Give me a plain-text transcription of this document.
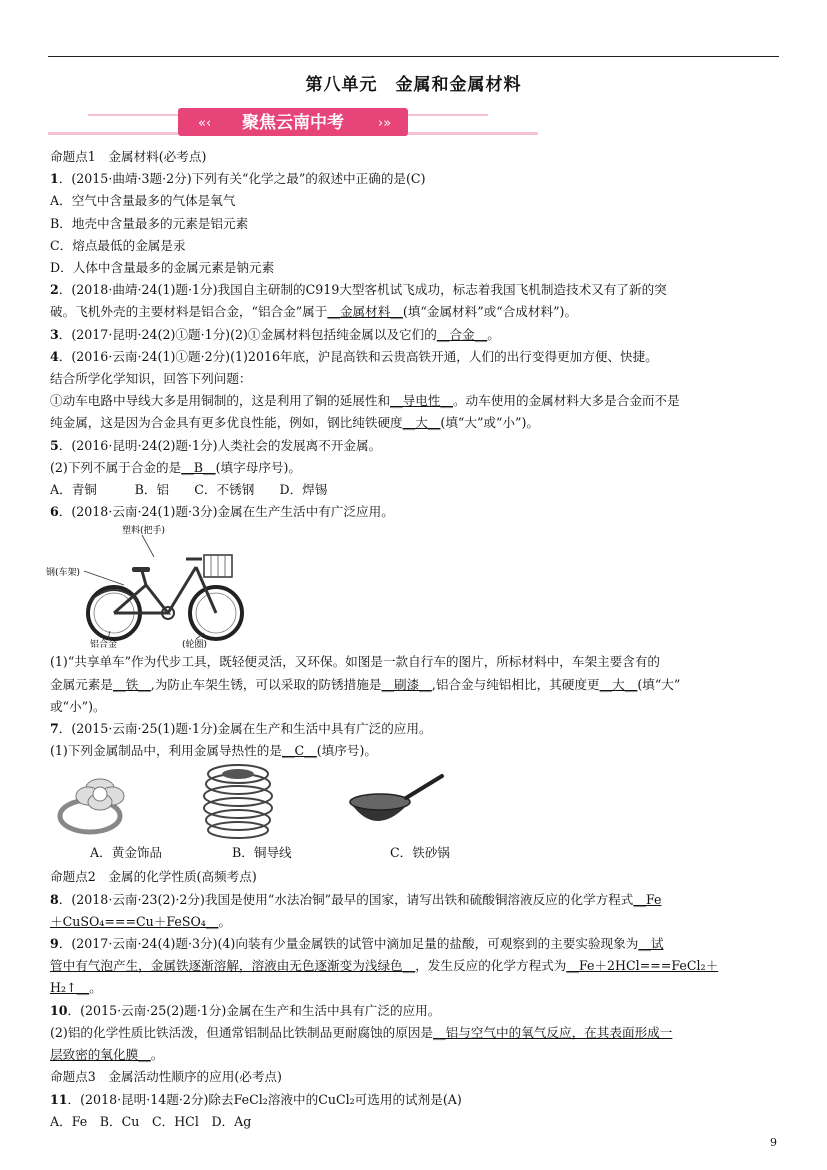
第八单元　金属和金属材料
«‹	›»
聚焦云南中考

命题点1　金属材料(必考点)

1．(2015·曲靖·3题·2分)下列有关“化学之最”的叙述中正确的是(C)

A．空气中含量最多的气体是氧气

B．地壳中含量最多的元素是铝元素

C．熔点最低的金属是汞

D．人体中含量最多的金属元素是钠元素

2．(2018·曲靖·24(1)题·1分)我国自主研制的C919大型客机试飞成功，标志着我国飞机制造技术又有了新的突

破。飞机外壳的主要材料是铝合金，“铝合金”属于__金属材料__(填“金属材料”或“合成材料”)。

3．(2017·昆明·24(2)①题·1分)(2)①金属材料包括纯金属以及它们的__合金__。

4．(2016·云南·24(1)①题·2分)(1)2016年底，沪昆高铁和云贵高铁开通，人们的出行变得更加方便、快捷。

结合所学化学知识，回答下列问题：

①动车电路中导线大多是用铜制的，这是利用了铜的延展性和__导电性__。动车使用的金属材料大多是合金而不是

纯金属，这是因为合金具有更多优良性能，例如，钢比纯铁硬度__大__(填“大”或“小”)。

5．(2016·昆明·24(2)题·1分)人类社会的发展离不开金属。

(2)下列不属于合金的是__B__(填字母序号)。

A．青铜　　　B．铝　　C．不锈钢　　D．焊锡

6．(2018·云南·24(1)题·3分)金属在生产生活中有广泛应用。

塑料(把手)
钢(车架)
铝合金	(轮圈)

(1)“共享单车”作为代步工具，既轻便灵活，又环保。如图是一款自行车的图片，所标材料中，车架主要含有的

金属元素是__铁__,为防止车架生锈，可以采取的防锈措施是__刷漆__,铝合金与纯铝相比，其硬度更__大__(填“大”

或“小”)。

7．(2015·云南·25(1)题·1分)金属在生产和生活中具有广泛的应用。

(1)下列金属制品中，利用金属导热性的是__C__(填序号)。

A．黄金饰品	B．铜导线	C．铁砂锅

命题点2　金属的化学性质(高频考点)

8．(2018·云南·23(2)·2分)我国是使用“水法冶铜”最早的国家，请写出铁和硫酸铜溶液反应的化学方程式__Fe

＋CuSO₄===Cu＋FeSO₄__。

9．(2017·云南·24(4)题·3分)(4)向装有少量金属铁的试管中滴加足量的盐酸，可观察到的主要实验现象为__试

管中有气泡产生，金属铁逐渐溶解，溶液由无色逐渐变为浅绿色__，发生反应的化学方程式为__Fe＋2HCl===FeCl₂＋

H₂↑__。

10．(2015·云南·25(2)题·1分)金属在生产和生活中具有广泛的应用。

(2)铝的化学性质比铁活泼，但通常铝制品比铁制品更耐腐蚀的原因是__铝与空气中的氧气反应，在其表面形成一

层致密的氧化膜__。

命题点3　金属活动性顺序的应用(必考点)

11．(2018·昆明·14题·2分)除去FeCl₂溶液中的CuCl₂可选用的试剂是(A)

A．Fe　B．Cu　C．HCl　D．Ag

9
